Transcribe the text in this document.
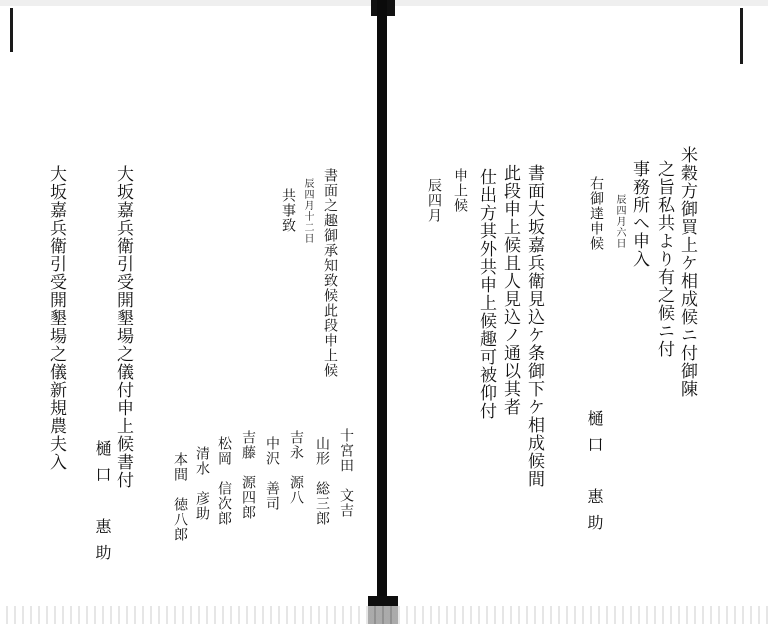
米穀方御買上ケ相成候ニ付御陳
之旨私共より有之候ニ付
事務所へ申入
辰四月六日
右御達申候
樋口　惠助
書面大坂嘉兵衛見込ケ条御下ケ相成候間
此段申上候且人見込ノ通以其者
仕出方其外共申上候趣可被仰付
申上候
辰四月
書面之趣御承知致候此段申上候
辰四月十二日
共事致
十宮田　文吉
山形　総三郎
吉永　源八
中沢　善司
吉藤　源四郎
松岡　信次郎
清水　彦助
本間　徳八郎
大坂嘉兵衛引受開墾場之儀付申上候書付
樋口　惠助
大坂嘉兵衛引受開墾場之儀新規農夫入
